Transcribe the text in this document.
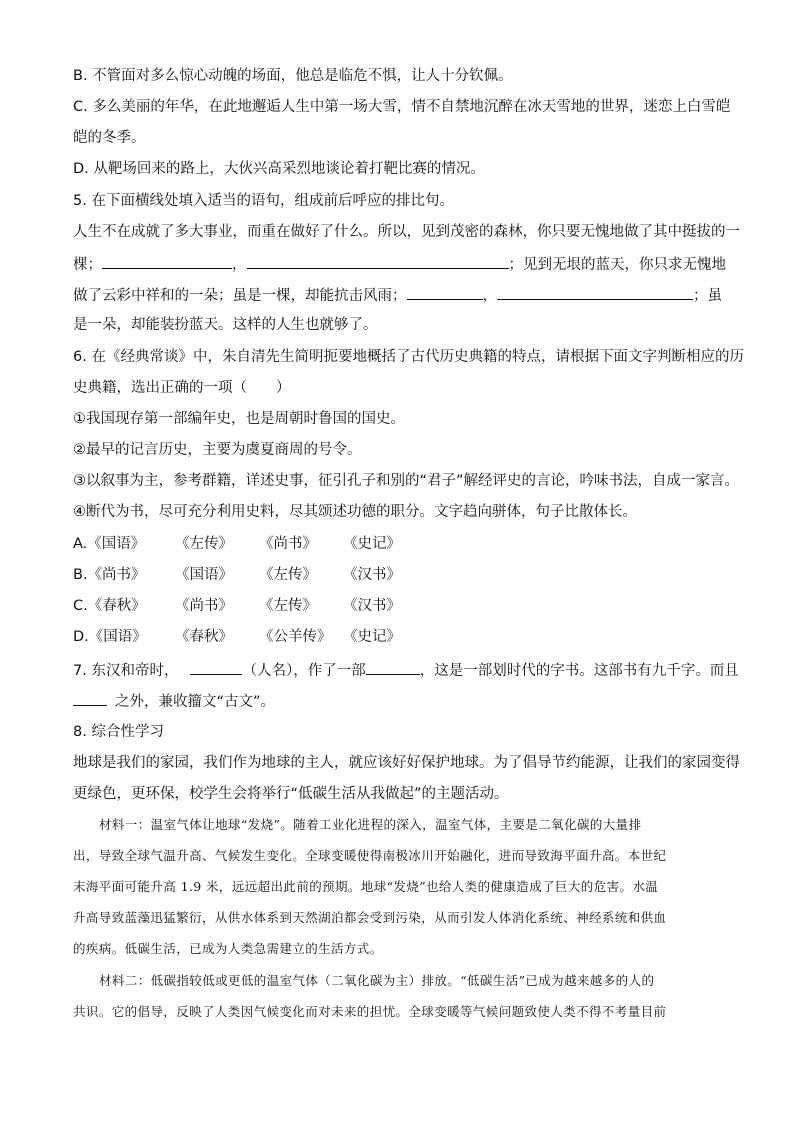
B. 不管面对多么惊心动魄的场面，他总是临危不惧，让人十分钦佩。
C. 多么美丽的年华，在此地邂逅人生中第一场大雪，情不自禁地沉醉在冰天雪地的世界，迷恋上白雪皑
皑的冬季。
D. 从靶场回来的路上，大伙兴高采烈地谈论着打靶比赛的情况。
5. 在下面横线处填入适当的语句，组成前后呼应的排比句。
人生不在成就了多大事业，而重在做好了什么。所以，见到茂密的森林，你只要无愧地做了其中挺拔的一
棵；	，	；见到无垠的蓝天，你只求无愧地
做了云彩中祥和的一朵；虽是一棵，却能抗击风雨；	，	；虽
是一朵，却能装扮蓝天。这样的人生也就够了。
6. 在《经典常谈》中，朱自清先生简明扼要地概括了古代历史典籍的特点，请根据下面文字判断相应的历
史典籍，选出正确的一项（　　）
①我国现存第一部编年史，也是周朝时鲁国的国史。
②最早的记言历史，主要为虞夏商周的号令。
③以叙事为主，参考群籍，详述史事，征引孔子和别的“君子”解经评史的言论，吟味书法，自成一家言。
④断代为书，尽可充分利用史料，尽其颂述功德的职分。文字趋向骈体，句子比散体长。
A.《国语》 《左传》 《尚书》 《史记》
B.《尚书》 《国语》 《左传》 《汉书》
C.《春秋》 《尚书》 《左传》 《汉书》
D.《国语》 《春秋》 《公羊传》 《史记》
7. 东汉和帝时，	（人名），作了一部	，这是一部划时代的字书。这部书有九千字。而且
之外，兼收籀文“古文”。
8. 综合性学习
地球是我们的家园，我们作为地球的主人，就应该好好保护地球。为了倡导节约能源，让我们的家园变得
更绿色，更环保，校学生会将举行“低碳生活从我做起”的主题活动。
材料一：温室气体让地球“发烧”。随着工业化进程的深入，温室气体，主要是二氧化碳的大量排
出，导致全球气温升高、气候发生变化。全球变暖使得南极冰川开始融化，进而导致海平面升高。本世纪
末海平面可能升高 1.9 米，远远超出此前的预期。地球“发烧”也给人类的健康造成了巨大的危害。水温
升高导致蓝藻迅猛繁衍，从供水体系到天然湖泊都会受到污染，从而引发人体消化系统、神经系统和供血
的疾病。低碳生活，已成为人类急需建立的生活方式。
材料二：低碳指较低或更低的温室气体（二氧化碳为主）排放。“低碳生活”已成为越来越多的人的
共识。它的倡导，反映了人类因气候变化而对未来的担忧。全球变暖等气候问题致使人类不得不考量目前
